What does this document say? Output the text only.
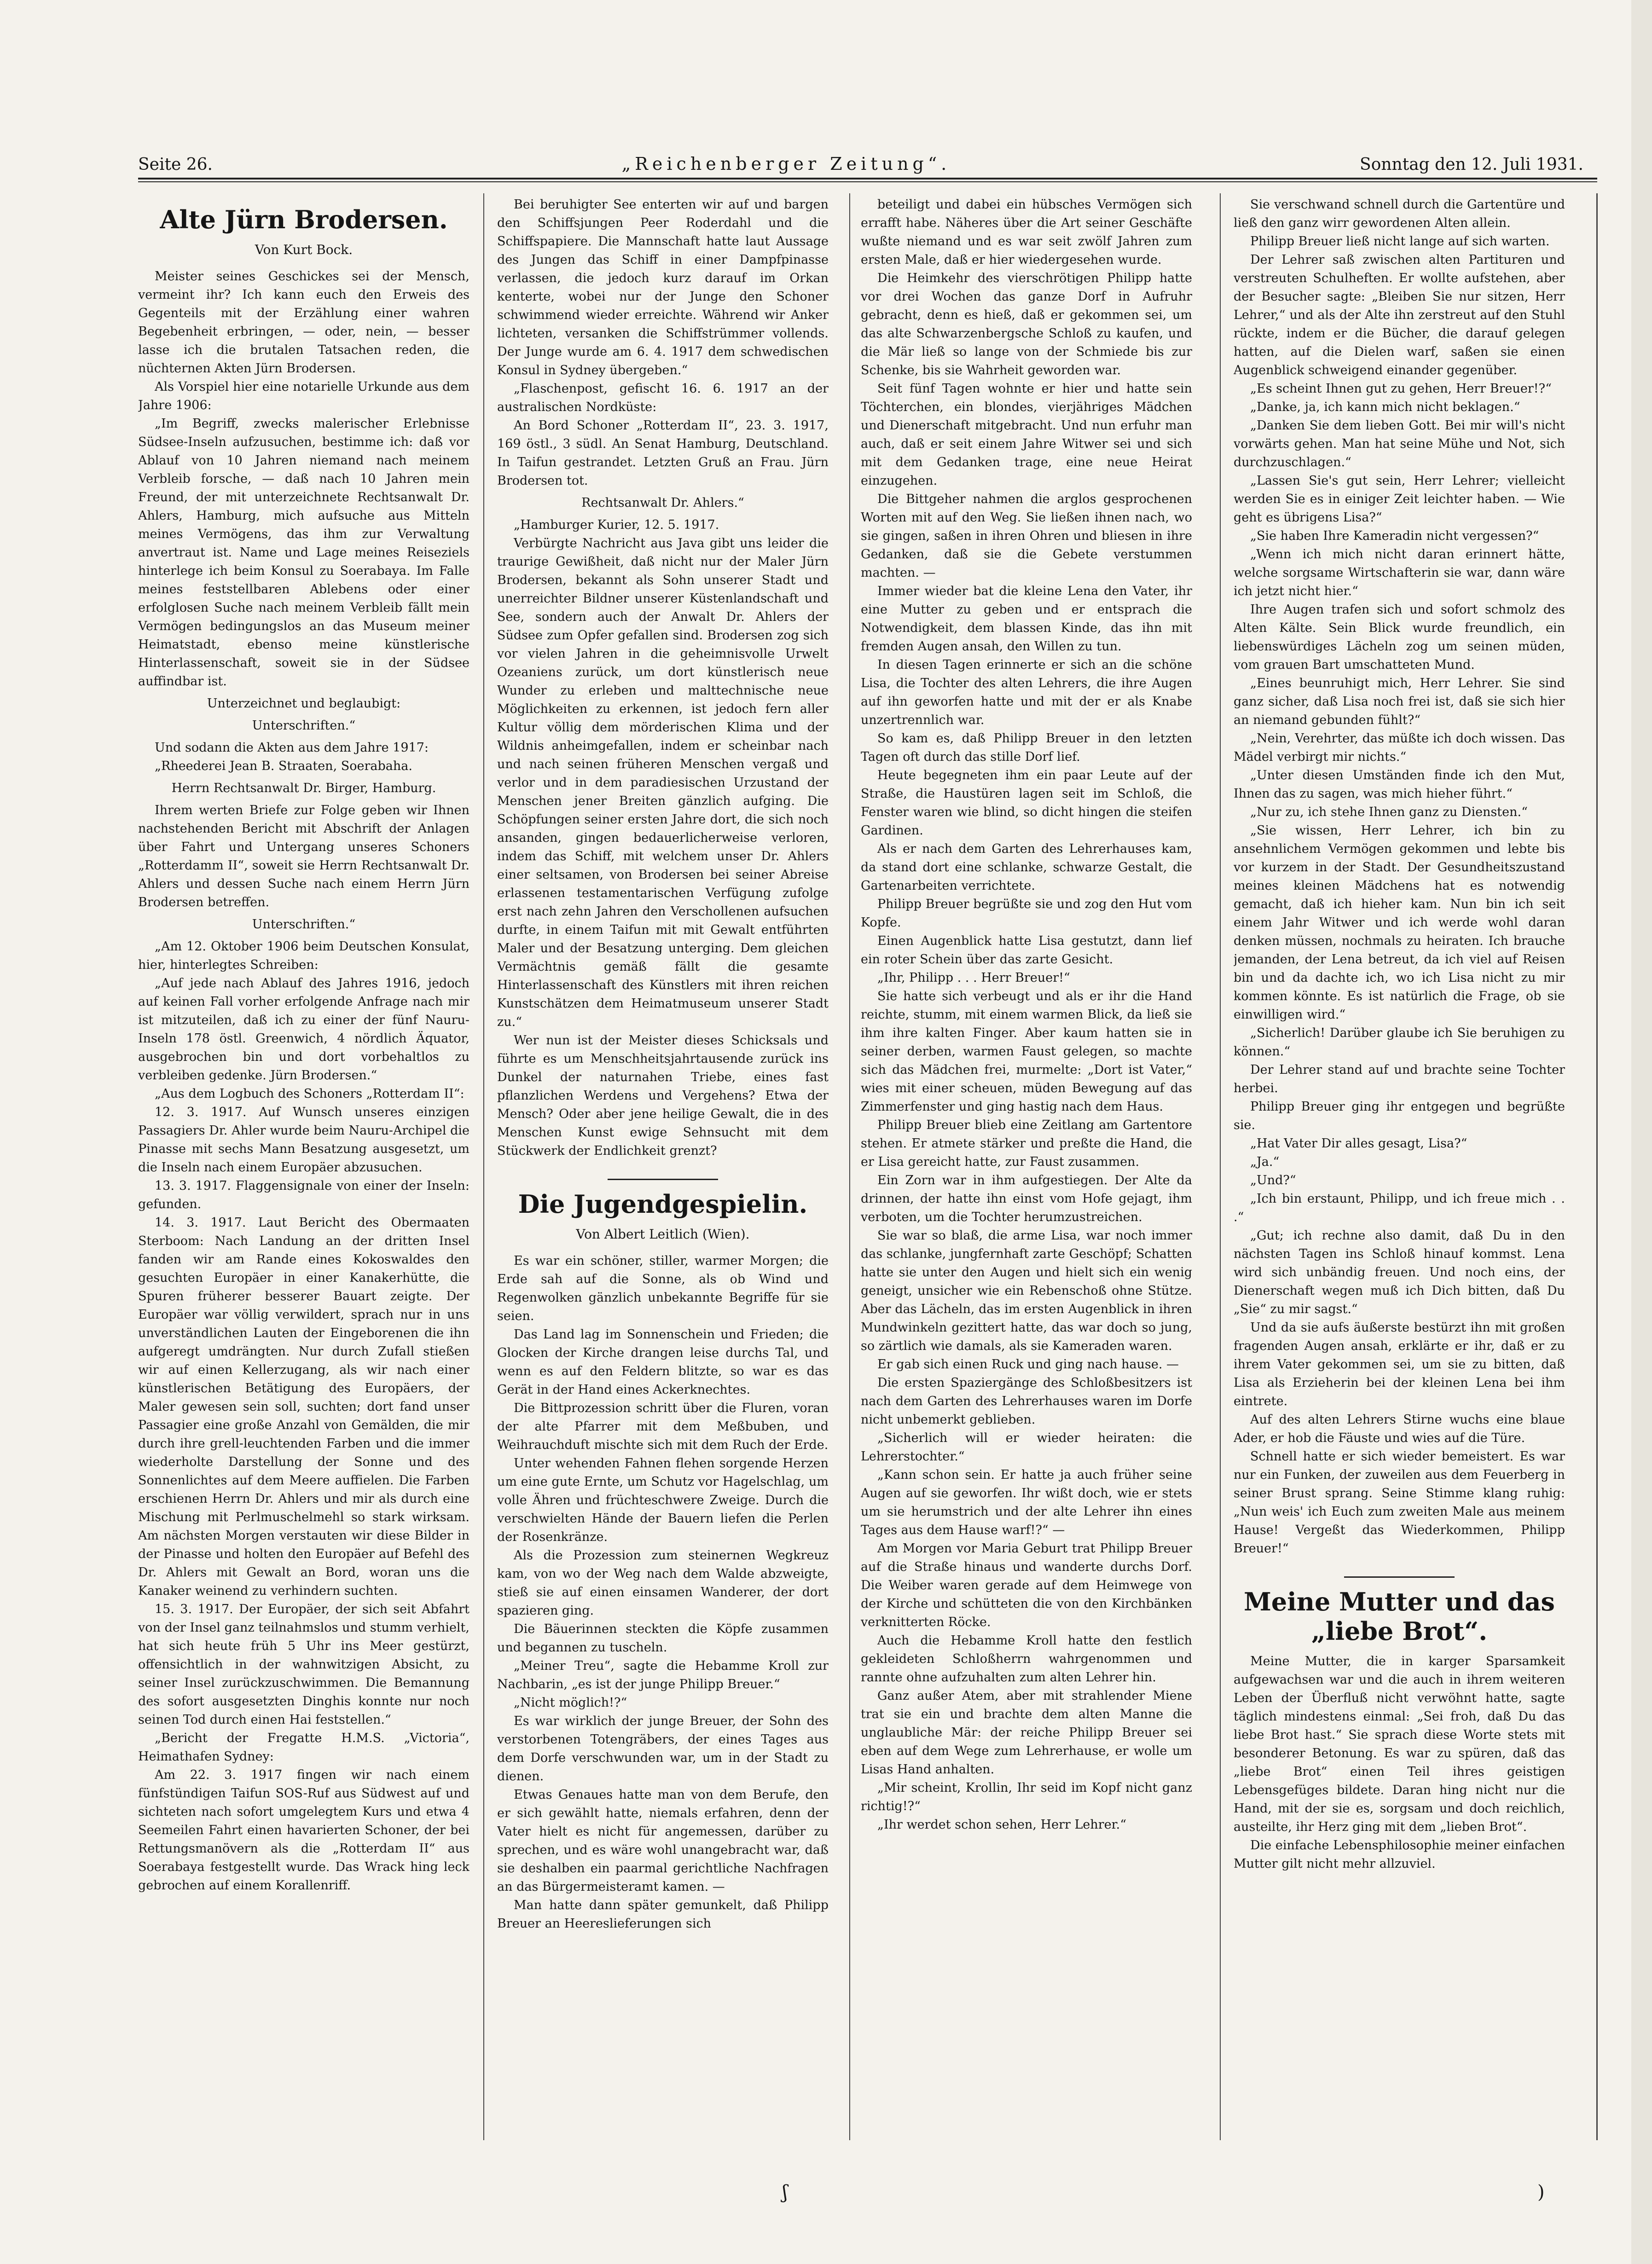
Seite 26.	„Reichenberger Zeitung“.	Sonntag den 12. Juli 1931.
Alte Jürn Brodersen.
Von Kurt Bock.

Meister seines Geschickes sei der Mensch, vermeint ihr? Ich kann euch den Erweis des Gegenteils mit der Erzählung einer wahren Begebenheit erbringen, — oder, nein, — besser lasse ich die brutalen Tatsachen reden, die nüchternen Akten Jürn Brodersen.

Als Vorspiel hier eine notarielle Urkunde aus dem Jahre 1906:

„Im Begriff, zwecks malerischer Erlebnisse Südsee-Inseln aufzusuchen, bestimme ich: daß vor Ablauf von 10 Jahren niemand nach meinem Verbleib forsche, — daß nach 10 Jahren mein Freund, der mit unterzeichnete Rechtsanwalt Dr. Ahlers, Hamburg, mich aufsuche aus Mitteln meines Vermögens, das ihm zur Verwaltung anvertraut ist. Name und Lage meines Reiseziels hinterlege ich beim Konsul zu Soerabaya. Im Falle meines feststellbaren Ablebens oder einer erfolglosen Suche nach meinem Verbleib fällt mein Vermögen bedingungslos an das Museum meiner Heimatstadt, ebenso meine künstlerische Hinterlassenschaft, soweit sie in der Südsee auffindbar ist.

Unterzeichnet und beglaubigt:

Unterschriften.“

Und sodann die Akten aus dem Jahre 1917:

„Rheederei Jean B. Straaten, Soerabaha.

Herrn Rechtsanwalt Dr. Birger, Hamburg.

Ihrem werten Briefe zur Folge geben wir Ihnen nachstehenden Bericht mit Abschrift der Anlagen über Fahrt und Untergang unseres Schoners „Rotterdamm II“, soweit sie Herrn Rechtsanwalt Dr. Ahlers und dessen Suche nach einem Herrn Jürn Brodersen betreffen.

Unterschriften.“

„Am 12. Oktober 1906 beim Deutschen Konsulat, hier, hinterlegtes Schreiben:

„Auf jede nach Ablauf des Jahres 1916, jedoch auf keinen Fall vorher erfolgende Anfrage nach mir ist mitzuteilen, daß ich zu einer der fünf Nauru-Inseln 178 östl. Greenwich, 4 nördlich Äquator, ausgebrochen bin und dort vorbehaltlos zu verbleiben gedenke. Jürn Brodersen.“

„Aus dem Logbuch des Schoners „Rotterdam II“:

12. 3. 1917. Auf Wunsch unseres einzigen Passagiers Dr. Ahler wurde beim Nauru-Archipel die Pinasse mit sechs Mann Besatzung ausgesetzt, um die Inseln nach einem Europäer abzusuchen.

13. 3. 1917. Flaggensignale von einer der Inseln: gefunden.

14. 3. 1917. Laut Bericht des Obermaaten Sterboom: Nach Landung an der dritten Insel fanden wir am Rande eines Kokoswaldes den gesuchten Europäer in einer Kanakerhütte, die Spuren früherer besserer Bauart zeigte. Der Europäer war völlig verwildert, sprach nur in uns unverständlichen Lauten der Eingeborenen die ihn aufgeregt umdrängten. Nur durch Zufall stießen wir auf einen Kellerzugang, als wir nach einer künstlerischen Betätigung des Europäers, der Maler gewesen sein soll, suchten; dort fand unser Passagier eine große Anzahl von Gemälden, die mir durch ihre grell-leuchtenden Farben und die immer wiederholte Darstellung der Sonne und des Sonnenlichtes auf dem Meere auffielen. Die Farben erschienen Herrn Dr. Ahlers und mir als durch eine Mischung mit Perlmuschelmehl so stark wirksam. Am nächsten Morgen verstauten wir diese Bilder in der Pinasse und holten den Europäer auf Befehl des Dr. Ahlers mit Gewalt an Bord, woran uns die Kanaker weinend zu verhindern suchten.

15. 3. 1917. Der Europäer, der sich seit Abfahrt von der Insel ganz teilnahmslos und stumm verhielt, hat sich heute früh 5 Uhr ins Meer gestürzt, offensichtlich in der wahnwitzigen Absicht, zu seiner Insel zurückzuschwimmen. Die Bemannung des sofort ausgesetzten Dinghis konnte nur noch seinen Tod durch einen Hai feststellen.“

„Bericht der Fregatte H.M.S. „Victoria“, Heimathafen Sydney:

Am 22. 3. 1917 fingen wir nach einem fünfstündigen Taifun SOS-Ruf aus Südwest auf und sichteten nach sofort umgelegtem Kurs und etwa 4 Seemeilen Fahrt einen havarierten Schoner, der bei Rettungsmanövern als die „Rotterdam II“ aus Soerabaya festgestellt wurde. Das Wrack hing leck gebrochen auf einem Korallenriff.

Bei beruhigter See enterten wir auf und bargen den Schiffsjungen Peer Roderdahl und die Schiffspapiere. Die Mannschaft hatte laut Aussage des Jungen das Schiff in einer Dampfpinasse verlassen, die jedoch kurz darauf im Orkan kenterte, wobei nur der Junge den Schoner schwimmend wieder erreichte. Während wir Anker lichteten, versanken die Schiffstrümmer vollends. Der Junge wurde am 6. 4. 1917 dem schwedischen Konsul in Sydney übergeben.“

„Flaschenpost, gefischt 16. 6. 1917 an der australischen Nordküste:

An Bord Schoner „Rotterdam II“, 23. 3. 1917, 169 östl., 3 südl. An Senat Hamburg, Deutschland. In Taifun gestrandet. Letzten Gruß an Frau. Jürn Brodersen tot.

Rechtsanwalt Dr. Ahlers.“

„Hamburger Kurier, 12. 5. 1917.

Verbürgte Nachricht aus Java gibt uns leider die traurige Gewißheit, daß nicht nur der Maler Jürn Brodersen, bekannt als Sohn unserer Stadt und unerreichter Bildner unserer Küstenlandschaft und See, sondern auch der Anwalt Dr. Ahlers der Südsee zum Opfer gefallen sind. Brodersen zog sich vor vielen Jahren in die geheimnisvolle Urwelt Ozeaniens zurück, um dort künstlerisch neue Wunder zu erleben und malttechnische neue Möglichkeiten zu erkennen, ist jedoch fern aller Kultur völlig dem mörderischen Klima und der Wildnis anheimgefallen, indem er scheinbar nach und nach seinen früheren Menschen vergaß und verlor und in dem paradiesischen Urzustand der Menschen jener Breiten gänzlich aufging. Die Schöpfungen seiner ersten Jahre dort, die sich noch ansanden, gingen bedauerlicherweise verloren, indem das Schiff, mit welchem unser Dr. Ahlers einer seltsamen, von Brodersen bei seiner Abreise erlassenen testamentarischen Verfügung zufolge erst nach zehn Jahren den Verschollenen aufsuchen durfte, in einem Taifun mit mit Gewalt entführten Maler und der Besatzung unterging. Dem gleichen Vermächtnis gemäß fällt die gesamte Hinterlassenschaft des Künstlers mit ihren reichen Kunstschätzen dem Heimatmuseum unserer Stadt zu.“

Wer nun ist der Meister dieses Schicksals und führte es um Menschheitsjahrtausende zurück ins Dunkel der naturnahen Triebe, eines fast pflanzlichen Werdens und Vergehens? Etwa der Mensch? Oder aber jene heilige Gewalt, die in des Menschen Kunst ewige Sehnsucht mit dem Stückwerk der Endlichkeit grenzt?

Die Jugendgespielin.
Von Albert Leitlich (Wien).

Es war ein schöner, stiller, warmer Morgen; die Erde sah auf die Sonne, als ob Wind und Regenwolken gänzlich unbekannte Begriffe für sie seien.

Das Land lag im Sonnenschein und Frieden; die Glocken der Kirche drangen leise durchs Tal, und wenn es auf den Feldern blitzte, so war es das Gerät in der Hand eines Ackerknechtes.

Die Bittprozession schritt über die Fluren, voran der alte Pfarrer mit dem Meßbuben, und Weihrauchduft mischte sich mit dem Ruch der Erde.

Unter wehenden Fahnen flehen sorgende Herzen um eine gute Ernte, um Schutz vor Hagelschlag, um volle Ähren und früchteschwere Zweige. Durch die verschwielten Hände der Bauern liefen die Perlen der Rosenkränze.

Als die Prozession zum steinernen Wegkreuz kam, von wo der Weg nach dem Walde abzweigte, stieß sie auf einen einsamen Wanderer, der dort spazieren ging.

Die Bäuerinnen steckten die Köpfe zusammen und begannen zu tuscheln.

„Meiner Treu“, sagte die Hebamme Kroll zur Nachbarin, „es ist der junge Philipp Breuer.“

„Nicht möglich!?“

Es war wirklich der junge Breuer, der Sohn des verstorbenen Totengräbers, der eines Tages aus dem Dorfe verschwunden war, um in der Stadt zu dienen.

Etwas Genaues hatte man von dem Berufe, den er sich gewählt hatte, niemals erfahren, denn der Vater hielt es nicht für angemessen, darüber zu sprechen, und es wäre wohl unangebracht war, daß sie deshalben ein paarmal gerichtliche Nachfragen an das Bürgermeisteramt kamen. —

Man hatte dann später gemunkelt, daß Philipp Breuer an Heereslieferungen sich

beteiligt und dabei ein hübsches Vermögen sich errafft habe. Näheres über die Art seiner Geschäfte wußte niemand und es war seit zwölf Jahren zum ersten Male, daß er hier wiedergesehen wurde.

Die Heimkehr des vierschrötigen Philipp hatte vor drei Wochen das ganze Dorf in Aufruhr gebracht, denn es hieß, daß er gekommen sei, um das alte Schwarzenbergsche Schloß zu kaufen, und die Mär ließ so lange von der Schmiede bis zur Schenke, bis sie Wahrheit geworden war.

Seit fünf Tagen wohnte er hier und hatte sein Töchterchen, ein blondes, vierjähriges Mädchen und Dienerschaft mitgebracht. Und nun erfuhr man auch, daß er seit einem Jahre Witwer sei und sich mit dem Gedanken trage, eine neue Heirat einzugehen.

Die Bittgeher nahmen die arglos gesprochenen Worten mit auf den Weg. Sie ließen ihnen nach, wo sie gingen, saßen in ihren Ohren und bliesen in ihre Gedanken, daß sie die Gebete verstummen machten. —

Immer wieder bat die kleine Lena den Vater, ihr eine Mutter zu geben und er entsprach die Notwendigkeit, dem blassen Kinde, das ihn mit fremden Augen ansah, den Willen zu tun.

In diesen Tagen erinnerte er sich an die schöne Lisa, die Tochter des alten Lehrers, die ihre Augen auf ihn geworfen hatte und mit der er als Knabe unzertrennlich war.

So kam es, daß Philipp Breuer in den letzten Tagen oft durch das stille Dorf lief.

Heute begegneten ihm ein paar Leute auf der Straße, die Haustüren lagen seit im Schloß, die Fenster waren wie blind, so dicht hingen die steifen Gardinen.

Als er nach dem Garten des Lehrerhauses kam, da stand dort eine schlanke, schwarze Gestalt, die Gartenarbeiten verrichtete.

Philipp Breuer begrüßte sie und zog den Hut vom Kopfe.

Einen Augenblick hatte Lisa gestutzt, dann lief ein roter Schein über das zarte Gesicht.

„Ihr, Philipp . . . Herr Breuer!“

Sie hatte sich verbeugt und als er ihr die Hand reichte, stumm, mit einem warmen Blick, da ließ sie ihm ihre kalten Finger. Aber kaum hatten sie in seiner derben, warmen Faust gelegen, so machte sich das Mädchen frei, murmelte: „Dort ist Vater,“ wies mit einer scheuen, müden Bewegung auf das Zimmerfenster und ging hastig nach dem Haus.

Philipp Breuer blieb eine Zeitlang am Gartentore stehen. Er atmete stärker und preßte die Hand, die er Lisa gereicht hatte, zur Faust zusammen.

Ein Zorn war in ihm aufgestiegen. Der Alte da drinnen, der hatte ihn einst vom Hofe gejagt, ihm verboten, um die Tochter herumzustreichen.

Sie war so blaß, die arme Lisa, war noch immer das schlanke, jungfernhaft zarte Geschöpf; Schatten hatte sie unter den Augen und hielt sich ein wenig geneigt, unsicher wie ein Rebenschoß ohne Stütze. Aber das Lächeln, das im ersten Augenblick in ihren Mundwinkeln gezittert hatte, das war doch so jung, so zärtlich wie damals, als sie Kameraden waren.

Er gab sich einen Ruck und ging nach hause. —

Die ersten Spaziergänge des Schloßbesitzers ist nach dem Garten des Lehrerhauses waren im Dorfe nicht unbemerkt geblieben.

„Sicherlich will er wieder heiraten: die Lehrerstochter.“

„Kann schon sein. Er hatte ja auch früher seine Augen auf sie geworfen. Ihr wißt doch, wie er stets um sie herumstrich und der alte Lehrer ihn eines Tages aus dem Hause warf!?“ —

Am Morgen vor Maria Geburt trat Philipp Breuer auf die Straße hinaus und wanderte durchs Dorf. Die Weiber waren gerade auf dem Heimwege von der Kirche und schütteten die von den Kirchbänken verknitterten Röcke.

Auch die Hebamme Kroll hatte den festlich gekleideten Schloßherrn wahrgenommen und rannte ohne aufzuhalten zum alten Lehrer hin.

Ganz außer Atem, aber mit strahlender Miene trat sie ein und brachte dem alten Manne die unglaubliche Mär: der reiche Philipp Breuer sei eben auf dem Wege zum Lehrerhause, er wolle um Lisas Hand anhalten.

„Mir scheint, Krollin, Ihr seid im Kopf nicht ganz richtig!?“

„Ihr werdet schon sehen, Herr Lehrer.“

Sie verschwand schnell durch die Gartentüre und ließ den ganz wirr gewordenen Alten allein.

Philipp Breuer ließ nicht lange auf sich warten.

Der Lehrer saß zwischen alten Partituren und verstreuten Schulheften. Er wollte aufstehen, aber der Besucher sagte: „Bleiben Sie nur sitzen, Herr Lehrer,“ und als der Alte ihn zerstreut auf den Stuhl rückte, indem er die Bücher, die darauf gelegen hatten, auf die Dielen warf, saßen sie einen Augenblick schweigend einander gegenüber.

„Es scheint Ihnen gut zu gehen, Herr Breuer!?“

„Danke, ja, ich kann mich nicht beklagen.“

„Danken Sie dem lieben Gott. Bei mir will's nicht vorwärts gehen. Man hat seine Mühe und Not, sich durchzuschlagen.“

„Lassen Sie's gut sein, Herr Lehrer; vielleicht werden Sie es in einiger Zeit leichter haben. — Wie geht es übrigens Lisa?“

„Sie haben Ihre Kameradin nicht vergessen?“

„Wenn ich mich nicht daran erinnert hätte, welche sorgsame Wirtschafterin sie war, dann wäre ich jetzt nicht hier.“

Ihre Augen trafen sich und sofort schmolz des Alten Kälte. Sein Blick wurde freundlich, ein liebenswürdiges Lächeln zog um seinen müden, vom grauen Bart umschatteten Mund.

„Eines beunruhigt mich, Herr Lehrer. Sie sind ganz sicher, daß Lisa noch frei ist, daß sie sich hier an niemand gebunden fühlt?“

„Nein, Verehrter, das müßte ich doch wissen. Das Mädel verbirgt mir nichts.“

„Unter diesen Umständen finde ich den Mut, Ihnen das zu sagen, was mich hieher führt.“

„Nur zu, ich stehe Ihnen ganz zu Diensten.“

„Sie wissen, Herr Lehrer, ich bin zu ansehnlichem Vermögen gekommen und lebte bis vor kurzem in der Stadt. Der Gesundheitszustand meines kleinen Mädchens hat es notwendig gemacht, daß ich hieher kam. Nun bin ich seit einem Jahr Witwer und ich werde wohl daran denken müssen, nochmals zu heiraten. Ich brauche jemanden, der Lena betreut, da ich viel auf Reisen bin und da dachte ich, wo ich Lisa nicht zu mir kommen könnte. Es ist natürlich die Frage, ob sie einwilligen wird.“

„Sicherlich! Darüber glaube ich Sie beruhigen zu können.“

Der Lehrer stand auf und brachte seine Tochter herbei.

Philipp Breuer ging ihr entgegen und begrüßte sie.

„Hat Vater Dir alles gesagt, Lisa?“

„Ja.“

„Und?“

„Ich bin erstaunt, Philipp, und ich freue mich . . .“

„Gut; ich rechne also damit, daß Du in den nächsten Tagen ins Schloß hinauf kommst. Lena wird sich unbändig freuen. Und noch eins, der Dienerschaft wegen muß ich Dich bitten, daß Du „Sie“ zu mir sagst.“

Und da sie aufs äußerste bestürzt ihn mit großen fragenden Augen ansah, erklärte er ihr, daß er zu ihrem Vater gekommen sei, um sie zu bitten, daß Lisa als Erzieherin bei der kleinen Lena bei ihm eintrete.

Auf des alten Lehrers Stirne wuchs eine blaue Ader, er hob die Fäuste und wies auf die Türe.

Schnell hatte er sich wieder bemeistert. Es war nur ein Funken, der zuweilen aus dem Feuerberg in seiner Brust sprang. Seine Stimme klang ruhig: „Nun weis' ich Euch zum zweiten Male aus meinem Hause! Vergeßt das Wiederkommen, Philipp Breuer!“

Meine Mutter und das „liebe Brot“.

Meine Mutter, die in karger Sparsamkeit aufgewachsen war und die auch in ihrem weiteren Leben der Überfluß nicht verwöhnt hatte, sagte täglich mindestens einmal: „Sei froh, daß Du das liebe Brot hast.“ Sie sprach diese Worte stets mit besonderer Betonung. Es war zu spüren, daß das „liebe Brot“ einen Teil ihres geistigen Lebensgefüges bildete. Daran hing nicht nur die Hand, mit der sie es, sorgsam und doch reichlich, austeilte, ihr Herz ging mit dem „lieben Brot“.

Die einfache Lebensphilosophie meiner einfachen Mutter gilt nicht mehr allzuviel.

ʃ	)
